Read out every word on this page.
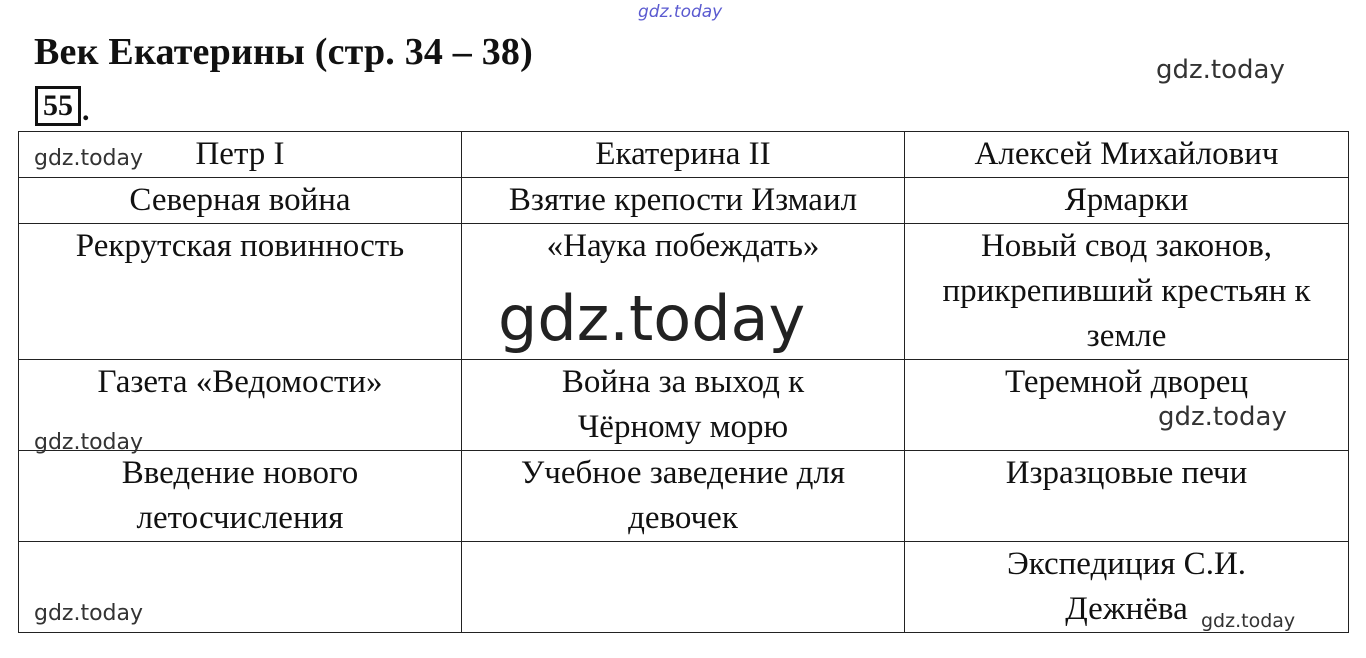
gdz.today
Век Екатерины (стр. 34 – 38)
55 .
gdz.today
Петр I	Екатерина II	Алексей Михайлович
Северная война	Взятие крепости Измаил	Ярмарки
Рекрутская повинность	«Наука побеждать»	Новый свод законов, прикрепивший крестьян к земле
Газета «Ведомости»	Война за выход к Чёрному морю	Теремной дворец
Введение нового летосчисления	Учебное заведение для девочек	Изразцовые печи
		Экспедиция С.И. Дежнёва
gdz.today
gdz.today
gdz.today
gdz.today
gdz.today	gdz.today
